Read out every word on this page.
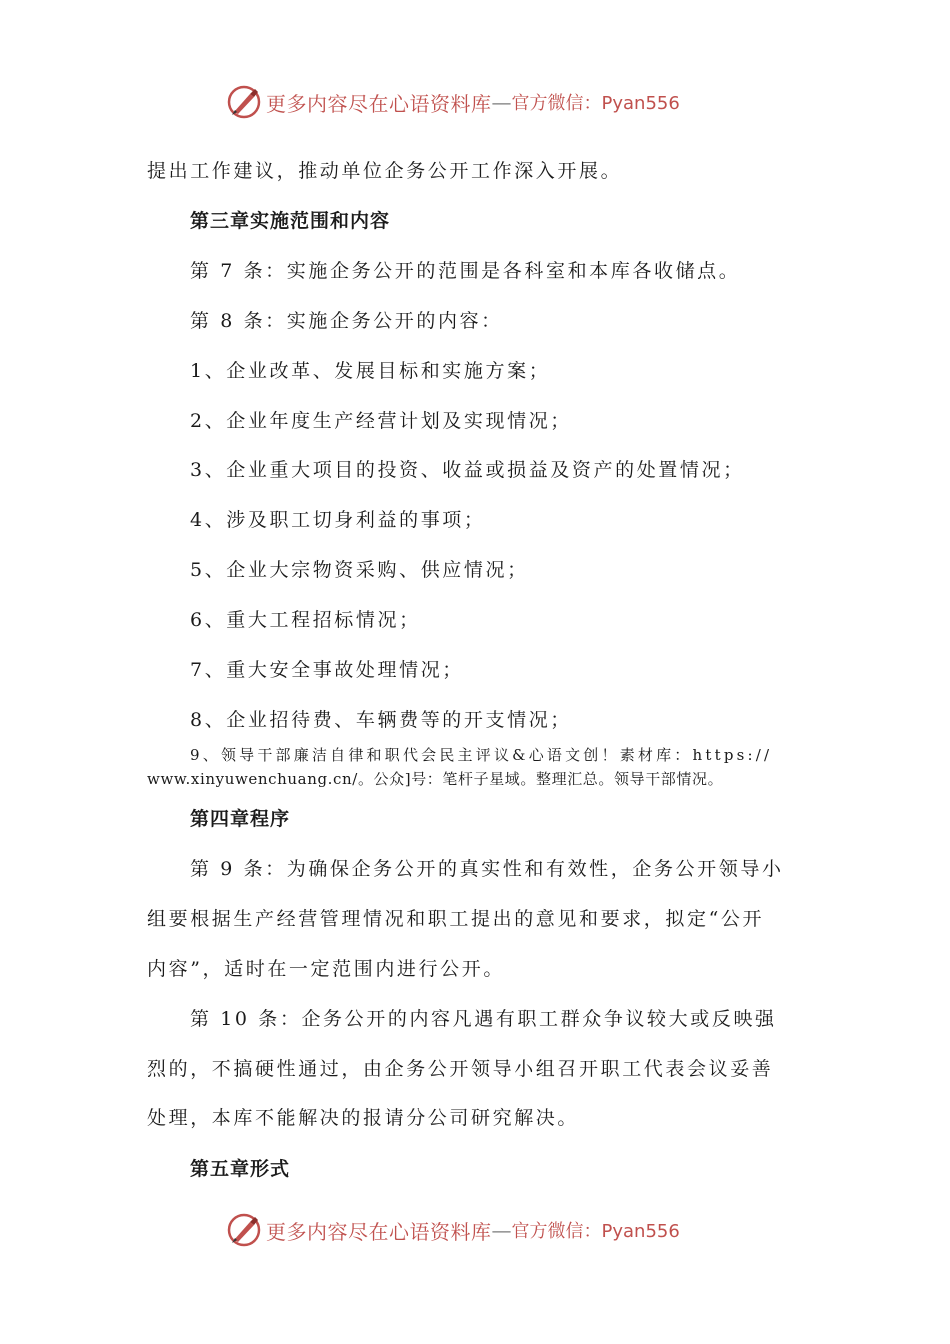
更多内容尽在心语资料库 — 官方微信：Pyan556
提出工作建议，推动单位企务公开工作深入开展。
第三章实施范围和内容
第 7 条：实施企务公开的范围是各科室和本库各收储点。
第 8 条：实施企务公开的内容：
1、企业改革、发展目标和实施方案；
2、企业年度生产经营计划及实现情况；
3、企业重大项目的投资、收益或损益及资产的处置情况；
4、涉及职工切身利益的事项；
5、企业大宗物资采购、供应情况；
6、重大工程招标情况；
7、重大安全事故处理情况；
8、企业招待费、车辆费等的开支情况；
9、领导干部廉洁自律和职代会民主评议&心语文创！素材库：https://
www.xinyuwenchuang.cn/。公众]号：笔杆子星域。整理汇总。领导干部情况。
第四章程序
第 9 条：为确保企务公开的真实性和有效性，企务公开领导小
组要根据生产经营管理情况和职工提出的意见和要求，拟定“公开
内容”，适时在一定范围内进行公开。
第 10 条：企务公开的内容凡遇有职工群众争议较大或反映强
烈的，不搞硬性通过，由企务公开领导小组召开职工代表会议妥善
处理，本库不能解决的报请分公司研究解决。
第五章形式
更多内容尽在心语资料库 — 官方微信：Pyan556
